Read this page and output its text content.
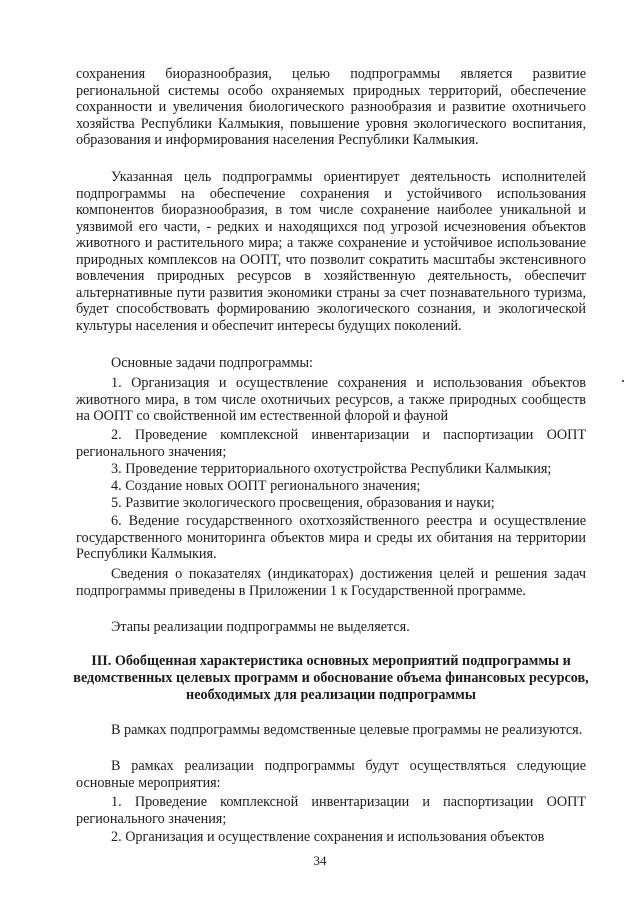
сохранения биоразнообразия, целью подпрограммы является развитие региональной системы особо охраняемых природных территорий, обеспечение сохранности и увеличения биологического разнообразия и развитие охотничьего хозяйства Республики Калмыкия, повышение уровня экологического воспитания, образования и информирования населения Республики Калмыкия.

Указанная цель подпрограммы ориентирует деятельность исполнителей подпрограммы на обеспечение сохранения и устойчивого использования компонентов биоразнообразия, в том числе сохранение наиболее уникальной и уязвимой его части, - редких и находящихся под угрозой исчезновения объектов животного и растительного мира; а также сохранение и устойчивое использование природных комплексов на ООПТ, что позволит сократить масштабы экстенсивного вовлечения природных ресурсов в хозяйственную деятельность, обеспечит альтернативные пути развития экономики страны за счет познавательного туризма, будет способствовать формированию экологического сознания, и экологической культуры населения и обеспечит интересы будущих поколений.

Основные задачи подпрограммы:

1. Организация и осуществление сохранения и использования объектов животного мира, в том числе охотничьих ресурсов, а также природных сообществ на ООПТ со свойственной им естественной флорой и фауной

2. Проведение комплексной инвентаризации и паспортизации ООПТ регионального значения;

3. Проведение территориального охотустройства Республики Калмыкия;

4. Создание новых ООПТ регионального значения;

5. Развитие экологического просвещения, образования и науки;

6. Ведение государственного охотхозяйственного реестра и осуществление государственного мониторинга объектов мира и среды их обитания на территории Республики Калмыкия.

Сведения о показателях (индикаторах) достижения целей и решения задач подпрограммы приведены в Приложении 1 к Государственной программе.

Этапы реализации подпрограммы не выделяется.

III. Обобщенная характеристика основных мероприятий подпрограммы и ведомственных целевых программ и обоснование объема финансовых ресурсов, необходимых для реализации подпрограммы

В рамках подпрограммы ведомственные целевые программы не реализуются.

В рамках реализации подпрограммы будут осуществляться следующие основные мероприятия:

1. Проведение комплексной инвентаризации и паспортизации ООПТ регионального значения;

2. Организация и осуществление сохранения и использования объектов

34
